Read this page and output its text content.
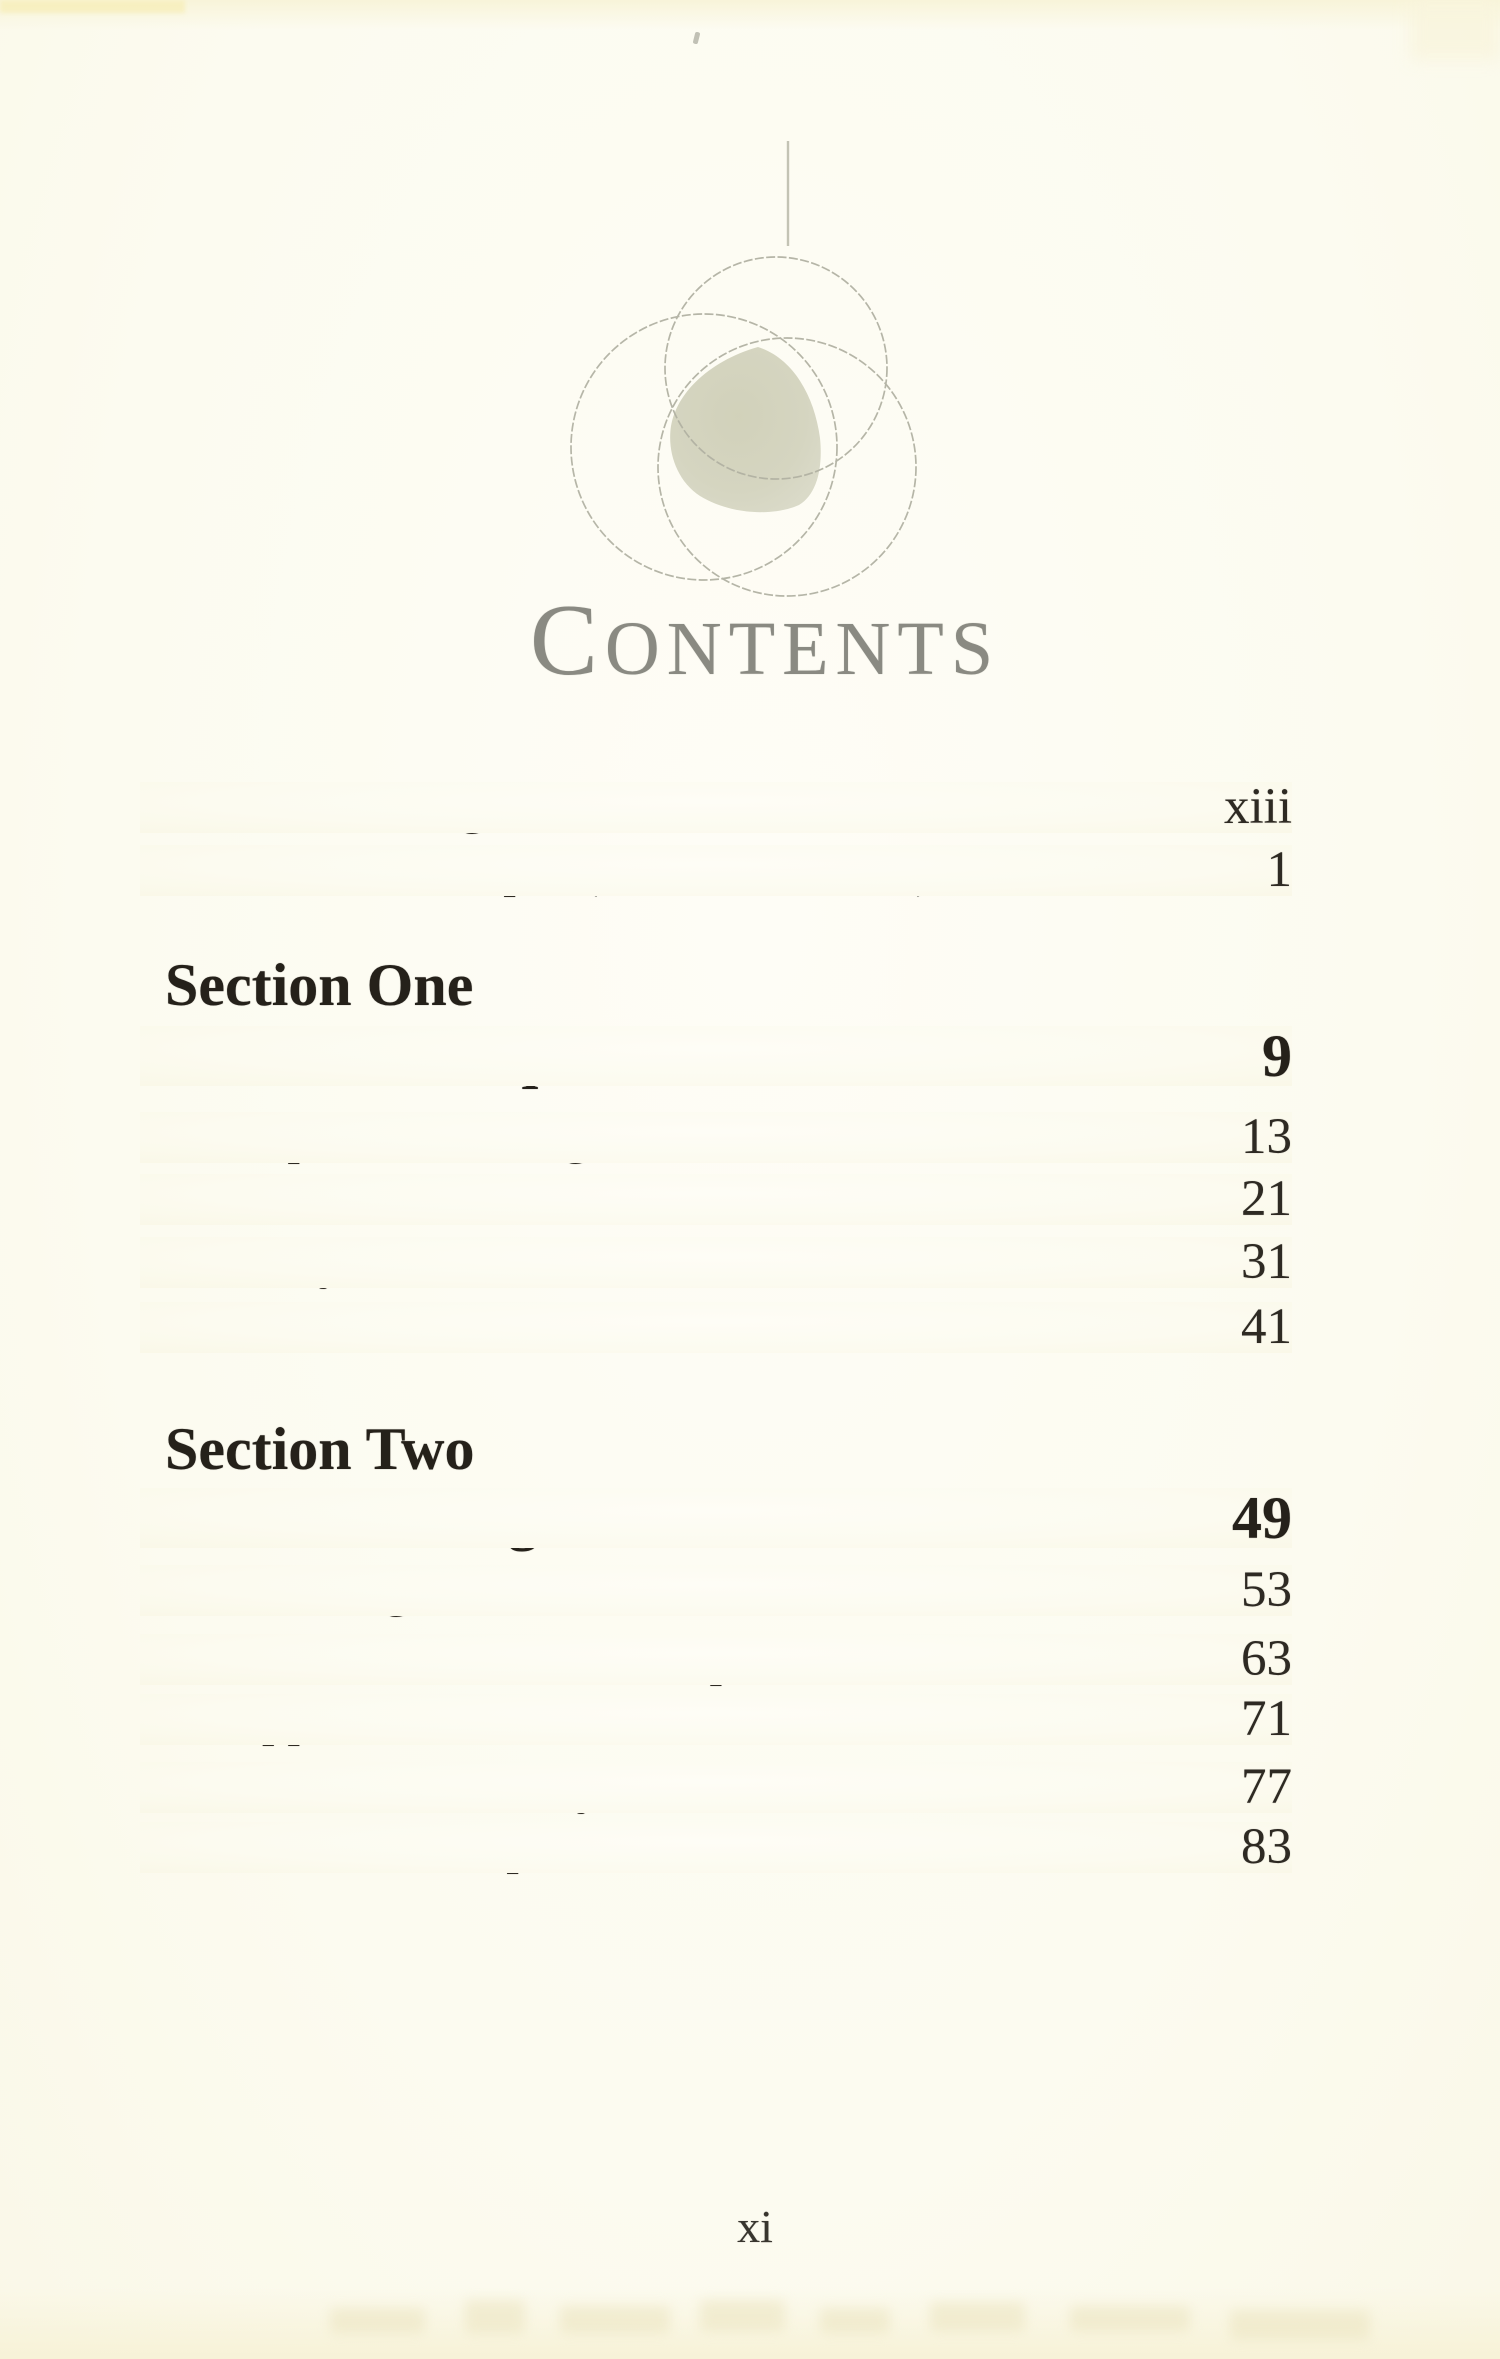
C ONTENTS
xiii
1
Section One
9
13
21
31
41
Section Two
49
53
63
71
77
83
xi
